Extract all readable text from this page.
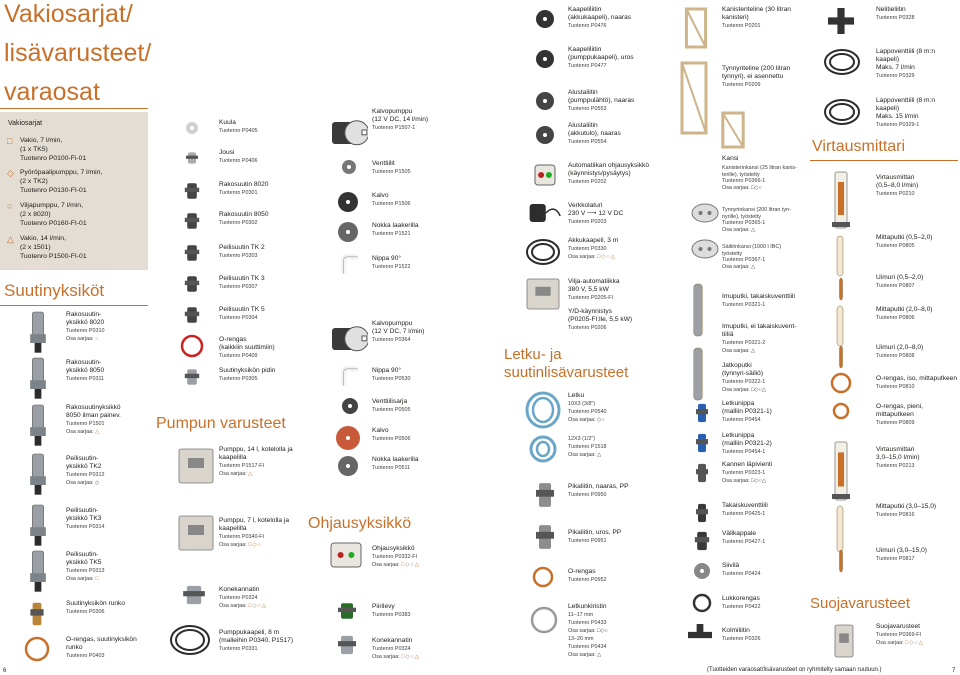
Vakiosarjat/
lisävarusteet/
varaosat
Vakiosarjat
□ Vakio, 7 l/min,
(1 x TK5)
Tuotenro P0100-Fi-01
◇ Pyöröpaalipumppu, 7 l/min,
(2 x TK2)
Tuotenro P0130-FI-01
○ Viljapumppu, 7 l/min,
(2 x 8020)
Tuotenro P0160-FI-01
△ Vakio, 14 l/min,
(2 x 1501)
Tuotenro P1500-FI-01
Suutinyksiköt
Pumpun varusteet
Ohjausyksikkö
Letku- ja
suutinlisävarusteet
Virtausmittari
Suojavarusteet
Rakosuutin-
yksikkö 8020
Tuotenro P0310
Osa sarjaa: ○
Rakosuutin-
yksikkö 8050
Tuotenro P0311
Rakosuutinyksikkö
8050 ilman painev.
Tuotenro P1501
Osa sarjaa: △
Peilisuutin-
yksikkö TK2
Tuotenro P0312
Osa sarjaa: ◇
Peilisuutin-
yksikkö TK3
Tuotenro P0314
Peilisuutin-
yksikkö TK5
Tuotenro P0313
Osa sarjaa: □
Suutinyksikön runko
Tuotenro P0306
O-rengas, suutinyksikön
runko
Tuotenro P0403
Kuula
Tuotenro P0405
Jousi
Tuotenro P0406
Rakosuutin 8020
Tuotenro P0301
Rakosuutin 8050
Tuotenro P0302
Peilisuutin TK 2
Tuotenro P0303
Peilisuutin TK 3
Tuotenro P0307
Peilisuutin TK 5
Tuotenro P0304
O-rengas
(kaikkiin suuttimiin)
Tuotenro P0409
Suutinyksikön pidin
Tuotenro P0305
Pumppu, 14 l, kotelolla ja
kaapelilla
Tuotenro P1517-FI
Osa sarjaa: △
Pumppu, 7 l, kotelolla ja
kaapelilla
Tuotenro P0340-FI
Osa sarjaa: □◇○
Konekannatin
Tuotenro P0324
Osa sarjaa: □◇○△
Pumppukaapeli, 8 m
(malleihin P0340, P1517)
Tuotenro P0331
Kalvopumppu
(12 V DC, 14 l/min)
Tuotenro P1507-1
Venttiilit
Tuotenro P1505
Kalvo
Tuotenro P1506
Nokka laakerilla
Tuotenro P1521
Nippa 90°
Tuotenro P1522
Kalvopumppu
(12 V DC, 7 l/min)
Tuotenro P0364
Nippa 90°
Tuotenro P0530
Venttiilisarja
Tuotenro P0505
Kalvo
Tuotenro P0506
Nokka laakerilla
Tuotenro P0511
Ohjausyksikkö
Tuotenro P0332-FI
Osa sarjaa: □◇○△
Piirilevy
Tuotenro P0383
Konekannatin
Tuotenro P0324
Osa sarjaa: □◇○△
Kaapeliliitin
(akkukaapeli), naaras
Tuotenro P0476
Kaapeliliitin
(pumppukaapeli), uros
Tuotenro P0477
Alustaliitin
(pumppulähtö), naaras
Tuotenro P0553
Alustaliitin
(akkutulo), naaras
Tuotenro P0554
Automatiikan ohjausyksikkö
(käynnistys/pysäytys)
Tuotenro P0202
Verkkolaturi
230 V ⟶ 12 V DC
Tuotenro P0203
Akkukaapeli, 3 m
Tuotenro P0330
Osa sarjaa: □◇○△
Vilja-automatiikka
380 V, 5,5 kW
Tuotenro P0205-FI
Y/D-käynnistys
(P0205-FI:lle, 5,5 kW)
Tuotenro P0206
Letku
10X3 (3/8")
Tuotenro P0540
Osa sarjaa: ◇○
12X3 (1/2")
Tuotenro P1518
Osa sarjaa: △
Pikaliitin, naaras, PP
Tuotenro P0950
Pikaliitin, uros, PP
Tuotenro P0951
O-rengas
Tuotenro P0952
Letkunkiristin
11–17 mm
Tuotenro P0433
Osa sarjaa: □◇○
13–20 mm
Tuotenro P0434
Osa sarjaa: △
Kanisteriteline (30 litran
kanisteri)
Tuotenro P0201
Tynnyriteline (200 litran
tynnyri), ei asennettu
Tuotenro P0209
Kansi
Kanisterinkansi (25 litran kanis-
terille), työstetty
Tuotenro P0366-1
Osa sarjaa: □◇○
Tynnyrinkansi (200 litran tyn-
nyrille), työstetty
Tuotenro P0365-1
Osa sarjaa: △
Säiliönkansi (1000 l IBC)
työstetty
Tuotenro P0367-1
Osa sarjaa: △
Imuputki, takaiskuventtiili
Tuotenro P0321-1
Imuputki, ei takaiskuvent-
tiiliä
Tuotenro P0321-2
Osa sarjaa: △
Jatkoputki
(tynnyri-säiliö)
Tuotenro P0322-1
Osa sarjaa: □◇○△
Letkunippa
(malliin P0321-1)
Tuotenro P0454
Letkunippa
(malliin P0321-2)
Tuotenro P0454-1
Kannen läpivienti
Tuotenro P0323-1
Osa sarjaa: □◇○△
Takaiskuventtiili
Tuotenro P0425-1
Välikappale
Tuotenro P0427-1
Siivilä
Tuotenro P0424
Lukkorengas
Tuotenro P0422
Kolmiliitin
Tuotenro P0326
Nelitieliitin
Tuotenro P0328
Lappoventtiili (8 m:n
kaapeli)
Maks. 7 l/min
Tuotenro P0329
Lappoventtiili (8 m:n
kaapeli)
Maks. 15 l/min
Tuotenro P0329-1
Virtausmittari
(0,5–8,0 l/min)
Tuotenro P0210
Mittaputki (0,5–2,0)
Tuotenro P0805
Uimuri (0,5–2,0)
Tuotenro P0807
Mittaputki (2,0–8,0)
Tuotenro P0806
Uimuri (2,0–8,0)
Tuotenro P0808
O-rengas, iso, mittaputkeen
Tuotenro P0810
O-rengas, pieni,
mittaputkeen
Tuotenro P0809
Virtausmittari
3,0–15,0 l/min)
Tuotenro P0213
Mittaputki (3,0–15,0)
Tuotenro P0816
Uimuri (3,0–15,0)
Tuotenro P0817
Suojavarusteet
Tuotenro P0369-FI
Osa sarjaa: □◇○△
6	7
(Tuotteiden varaosat/lisävarusteet on ryhmitelty samaan ruutuun.)
